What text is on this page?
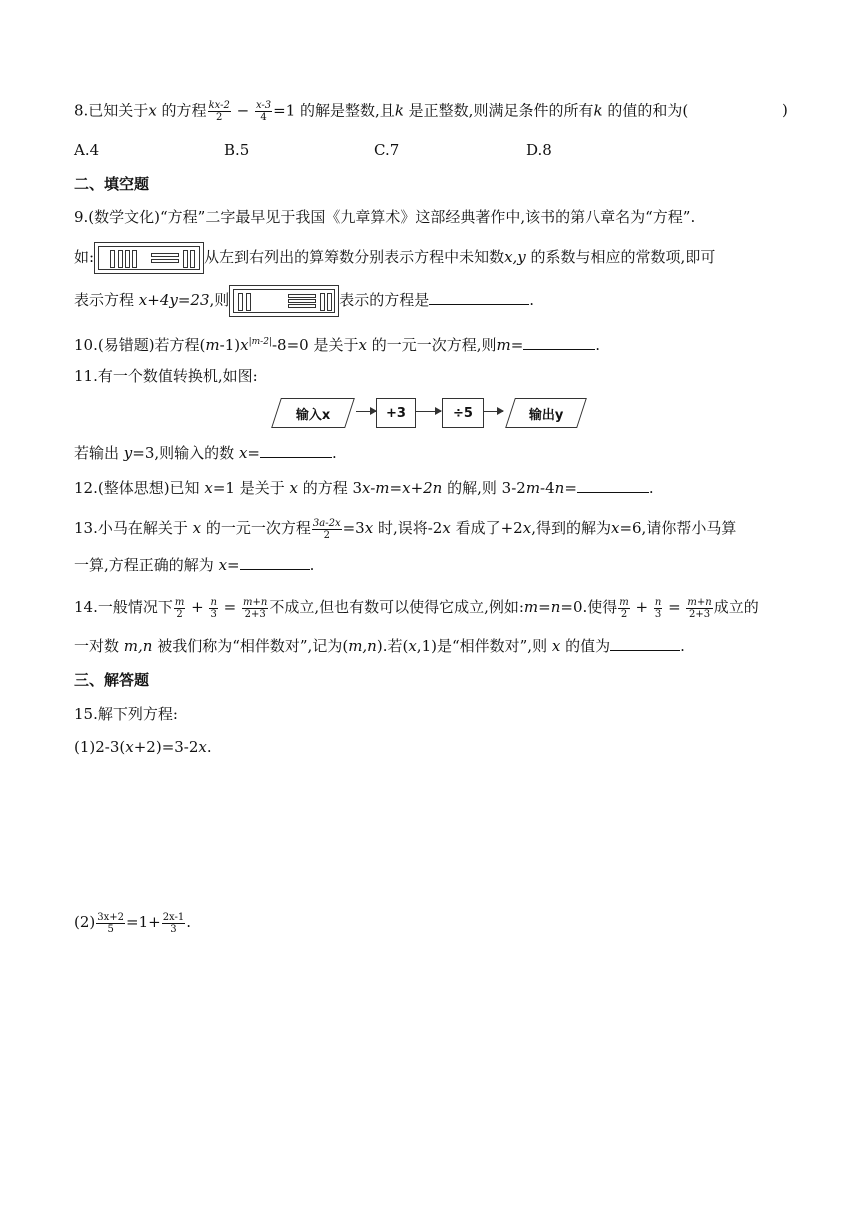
8.已知关于x 的方程 $\frac{kx-2}{2} - \frac{x-3}{4} =1$ 的解是整数,且k 是正整数,则满足条件的所有k 的值的和为(	)
A.4	B.5	C.7	D.8
二、填空题
9.(数学文化)“方程”二字最早见于我国《九章算术》这部经典著作中,该书的第八章名为“方程”.
如:	从左到右列出的算筹数分别表示方程中未知数x,y 的系数与相应的常数项,即可
表示方程 x+4y=23,则	表示的方程是	.
10.(易错题)若方程$(m-1)x^{|m-2|}-8=0$ 是关于x 的一元一次方程,则m=	.
11.有一个数值转换机,如图:
输入x	+3	÷5	输出y
若输出 y=3,则输入的数 x=	.
12.(整体思想)已知 x=1 是关于 x 的方程 3x-m=x+2n 的解,则 3-2m-4n=	.
13.小马在解关于 x 的一元一次方程 $\frac{3a-2x}{2} =3x$ 时,误将-2x 看成了+2x,得到的解为x=6,请你帮小马算
一算,方程正确的解为 x=	.
14.一般情况下 $\frac{m}{2} + \frac{n}{3} = \frac{m+n}{2+3}$ 不成立,但也有数可以使得它成立,例如:m=n=0.使得 $\frac{m}{2} + \frac{n}{3} = \frac{m+n}{2+3}$ 成立的
一对数 m,n 被我们称为“相伴数对”,记为(m,n).若(x,1)是“相伴数对”,则 x 的值为	.
三、解答题
15.解下列方程:
(1)2-3(x+2)=3-2x.
$(2) \frac{3x+2}{5} =1+ \frac{2x-1}{3}$ .
